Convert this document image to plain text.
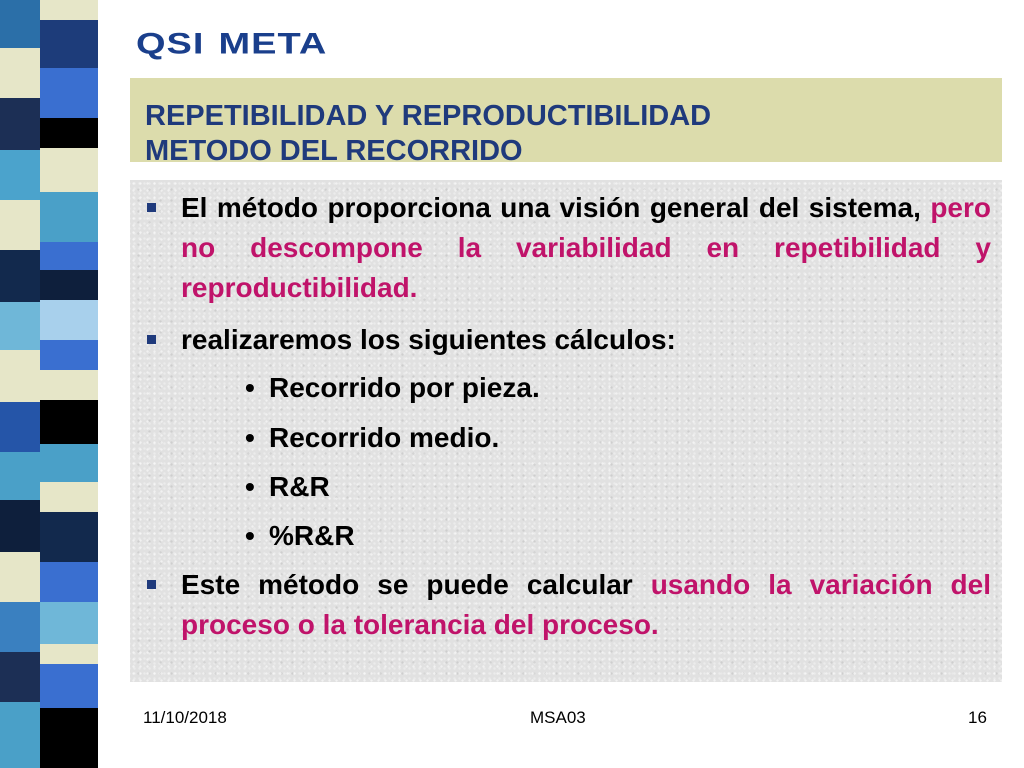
QSI META
REPETIBILIDAD Y REPRODUCTIBILIDAD
METODO DEL RECORRIDO
El método proporciona una visión general del sistema, pero no descompone la variabilidad en repetibilidad y reproductibilidad.
realizaremos los siguientes cálculos:
• Recorrido por pieza.
• Recorrido medio.
• R&R
• %R&R
Este método se puede calcular usando la variación del proceso o la tolerancia del proceso.
11/10/2018	MSA03	16
